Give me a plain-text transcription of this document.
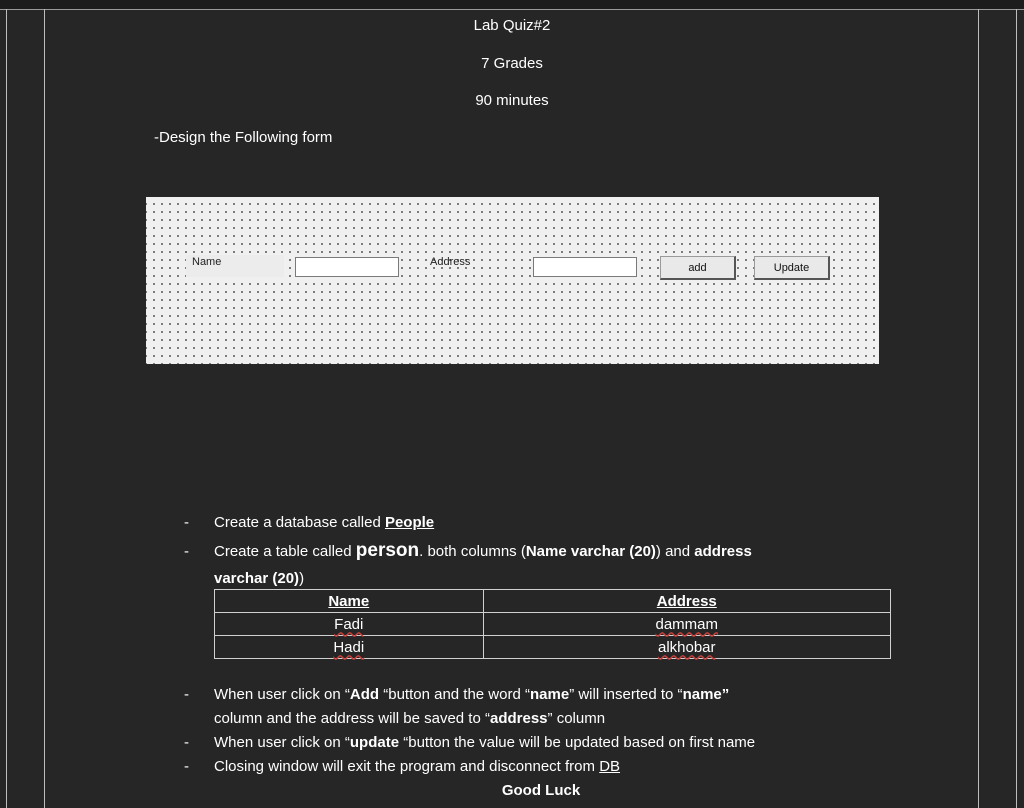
Lab Quiz#2
7 Grades
90 minutes
-Design the Following form
Name	Address	add	Update
- Create a database called People
- Create a table called person. both columns (Name varchar (20)) and address
varchar (20))
Name	Address
Fadi	dammam
Hadi	alkhobar
- When user click on “Add “button and the word “name” will inserted to “name”
column and the address will be saved to “address” column
- When user click on “update “button the value will be updated based on first name
- Closing window will exit the program and disconnect from DB
Good Luck
